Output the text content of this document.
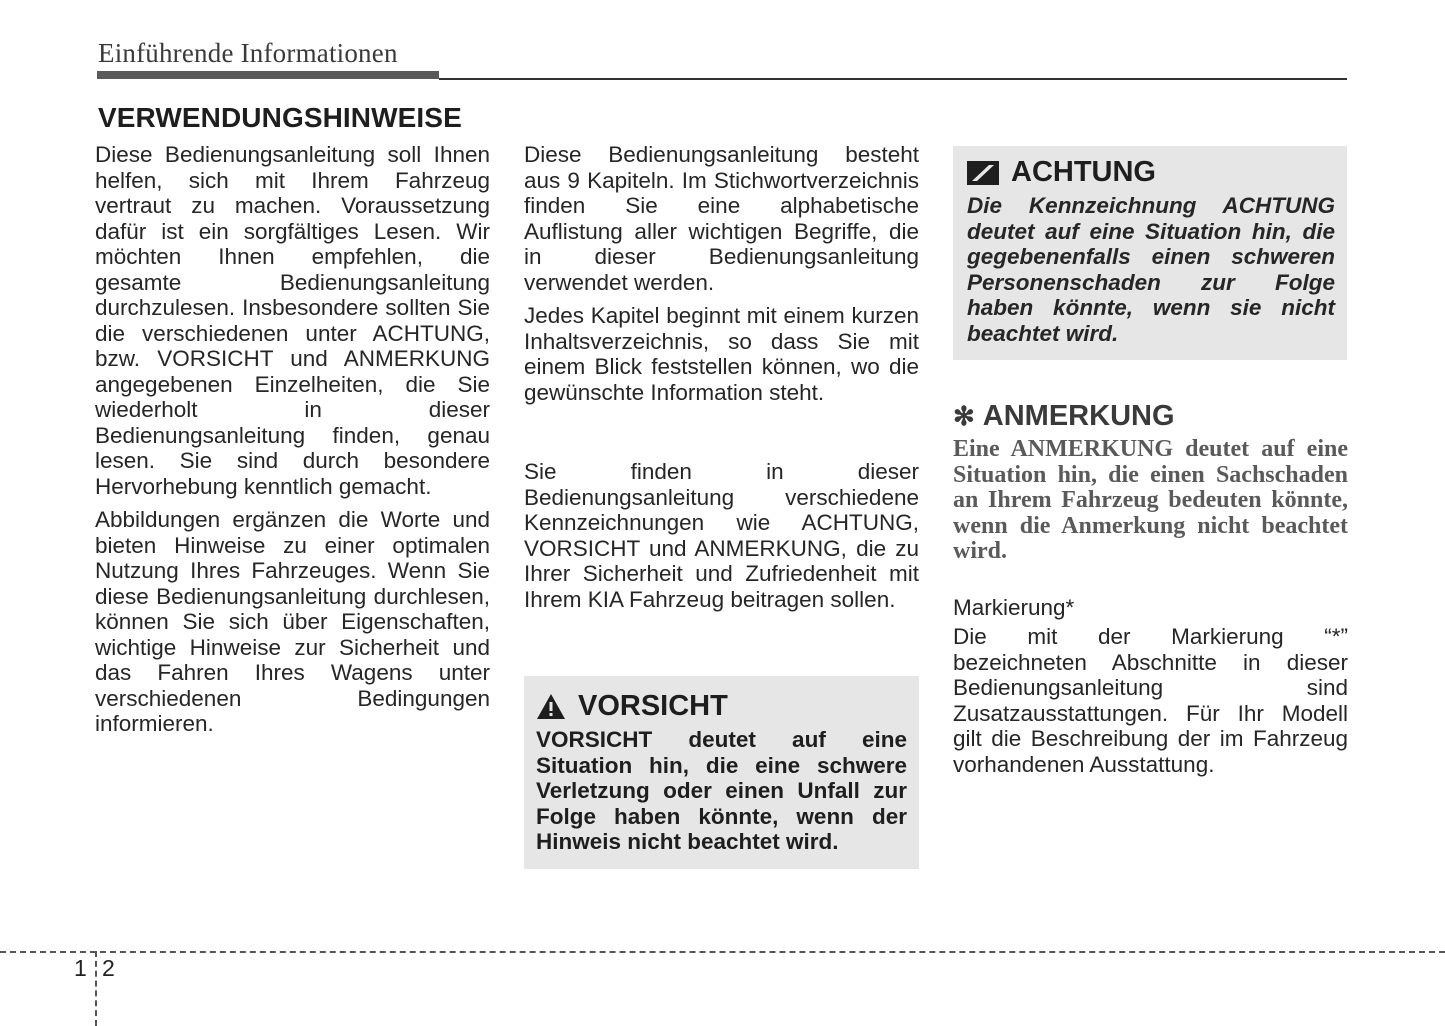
Einführende Informationen
VERWENDUNGSHINWEISE

Diese Bedienungsanleitung soll Ihnen helfen, sich mit Ihrem Fahrzeug vertraut zu machen. Voraussetzung dafür ist ein sorgfältiges Lesen. Wir möchten Ihnen empfehlen, die gesamte Bedienungsanleitung durchzulesen. Insbesondere sollten Sie die verschiedenen unter ACHTUNG, bzw. VORSICHT und ANMERKUNG angegebenen Einzelheiten, die Sie wiederholt in dieser Bedienungsanleitung finden, genau lesen. Sie sind durch besondere Hervorhebung kenntlich gemacht.

Abbildungen ergänzen die Worte und bieten Hinweise zu einer optimalen Nutzung Ihres Fahrzeuges. Wenn Sie diese Bedienungsanleitung durchlesen, können Sie sich über Eigenschaften, wichtige Hinweise zur Sicherheit und das Fahren Ihres Wagens unter verschiedenen Bedingungen informieren.

Diese Bedienungsanleitung besteht aus 9 Kapiteln. Im Stichwortverzeichnis finden Sie eine alphabetische Auflistung aller wichtigen Begriffe, die in dieser Bedienungsanleitung verwendet werden.

Jedes Kapitel beginnt mit einem kurzen Inhaltsverzeichnis, so dass Sie mit einem Blick feststellen können, wo die gewünschte Information steht.

Sie finden in dieser Bedienungsanleitung verschiedene Kennzeichnungen wie ACHTUNG, VORSICHT und ANMERKUNG, die zu Ihrer Sicherheit und Zufriedenheit mit Ihrem KIA Fahrzeug beitragen sollen.

VORSICHT

VORSICHT deutet auf eine Situation hin, die eine schwere Verletzung oder einen Unfall zur Folge haben könnte, wenn der Hinweis nicht beachtet wird.

ACHTUNG

Die Kennzeichnung ACHTUNG deutet auf eine Situation hin, die gegebenenfalls einen schweren Personenschaden zur Folge haben könnte, wenn sie nicht beachtet wird.

✻ ANMERKUNG

Eine ANMERKUNG deutet auf eine Situation hin, die einen Sachschaden an Ihrem Fahrzeug bedeuten könnte, wenn die Anmerkung nicht beachtet wird.

Markierung*

Die mit der Markierung “*” bezeichneten Abschnitte in dieser Bedienungsanleitung sind Zusatzausstattungen. Für Ihr Modell gilt die Beschreibung der im Fahrzeug vorhandenen Ausstattung.

1 2
